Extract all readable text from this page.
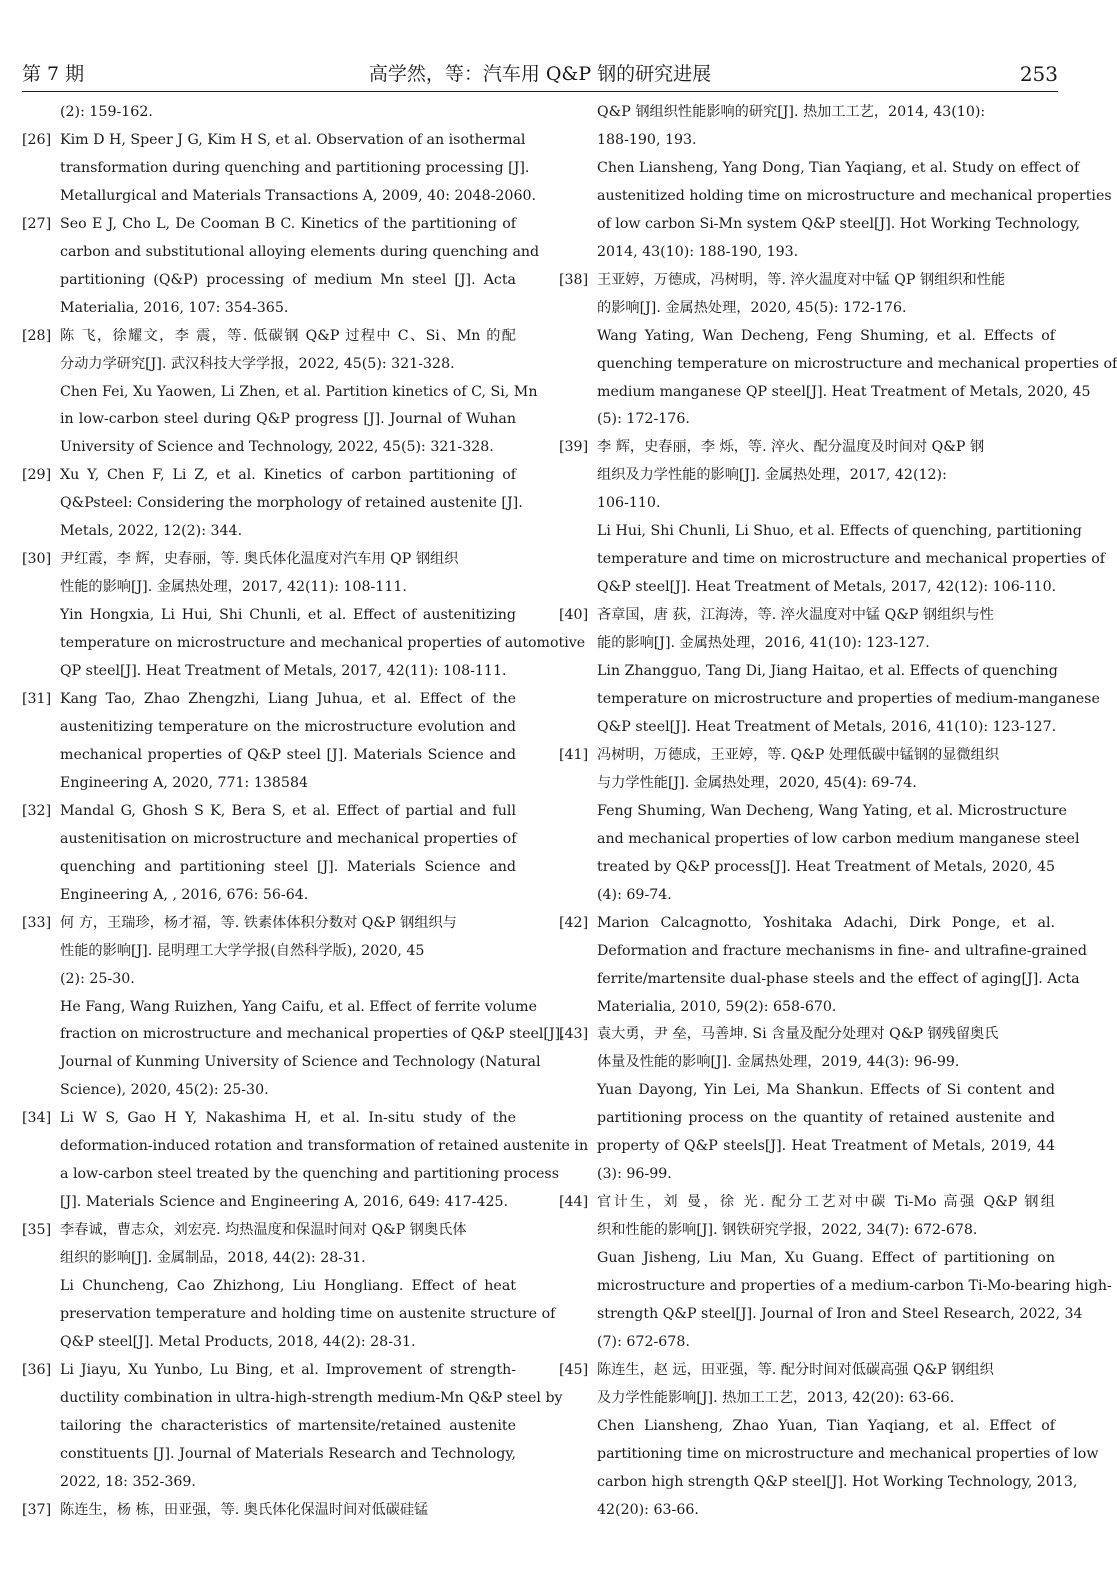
第 7 期	高学然，等：汽车用 Q&P 钢的研究进展	253
(2): 159-162.
[26] Kim D H, Speer J G, Kim H S, et al. Observation of an isothermal
transformation during quenching and partitioning processing [J].
Metallurgical and Materials Transactions A, 2009, 40: 2048-2060.
[27] Seo E J, Cho L, De Cooman B C. Kinetics of the partitioning of
carbon and substitutional alloying elements during quenching and
partitioning (Q&P) processing of medium Mn steel [J]. Acta
Materialia, 2016, 107: 354-365.
[28] 陈 飞，徐耀文，李 震，等. 低碳钢 Q&P 过程中 C、Si、Mn 的配
分动力学研究[J]. 武汉科技大学学报，2022, 45(5): 321-328.
Chen Fei, Xu Yaowen, Li Zhen, et al. Partition kinetics of C, Si, Mn
in low-carbon steel during Q&P progress [J]. Journal of Wuhan
University of Science and Technology, 2022, 45(5): 321-328.
[29] Xu Y, Chen F, Li Z, et al. Kinetics of carbon partitioning of
Q&Psteel: Considering the morphology of retained austenite [J].
Metals, 2022, 12(2): 344.
[30] 尹红霞，李 辉，史春丽，等. 奥氏体化温度对汽车用 QP 钢组织
性能的影响[J]. 金属热处理，2017, 42(11): 108-111.
Yin Hongxia, Li Hui, Shi Chunli, et al. Effect of austenitizing
temperature on microstructure and mechanical properties of automotive
QP steel[J]. Heat Treatment of Metals, 2017, 42(11): 108-111.
[31] Kang Tao, Zhao Zhengzhi, Liang Juhua, et al. Effect of the
austenitizing temperature on the microstructure evolution and
mechanical properties of Q&P steel [J]. Materials Science and
Engineering A, 2020, 771: 138584
[32] Mandal G, Ghosh S K, Bera S, et al. Effect of partial and full
austenitisation on microstructure and mechanical properties of
quenching and partitioning steel [J]. Materials Science and
Engineering A, , 2016, 676: 56-64.
[33] 何 方，王瑞珍，杨才福，等. 铁素体体积分数对 Q&P 钢组织与
性能的影响[J]. 昆明理工大学学报(自然科学版), 2020, 45
(2): 25-30.
He Fang, Wang Ruizhen, Yang Caifu, et al. Effect of ferrite volume
fraction on microstructure and mechanical properties of Q&P steel[J].
Journal of Kunming University of Science and Technology (Natural
Science), 2020, 45(2): 25-30.
[34] Li W S, Gao H Y, Nakashima H, et al. In-situ study of the
deformation-induced rotation and transformation of retained austenite in
a low-carbon steel treated by the quenching and partitioning process
[J]. Materials Science and Engineering A, 2016, 649: 417-425.
[35] 李春诚，曹志众，刘宏亮. 均热温度和保温时间对 Q&P 钢奥氏体
组织的影响[J]. 金属制品，2018, 44(2): 28-31.
Li Chuncheng, Cao Zhizhong, Liu Hongliang. Effect of heat
preservation temperature and holding time on austenite structure of
Q&P steel[J]. Metal Products, 2018, 44(2): 28-31.
[36] Li Jiayu, Xu Yunbo, Lu Bing, et al. Improvement of strength-
ductility combination in ultra-high-strength medium-Mn Q&P steel by
tailoring the characteristics of martensite/retained austenite
constituents [J]. Journal of Materials Research and Technology,
2022, 18: 352-369.
[37] 陈连生，杨 栋，田亚强，等. 奥氏体化保温时间对低碳硅锰
Q&P 钢组织性能影响的研究[J]. 热加工工艺，2014, 43(10):
188-190, 193.
Chen Liansheng, Yang Dong, Tian Yaqiang, et al. Study on effect of
austenitized holding time on microstructure and mechanical properties
of low carbon Si-Mn system Q&P steel[J]. Hot Working Technology,
2014, 43(10): 188-190, 193.
[38] 王亚婷，万德成，冯树明，等. 淬火温度对中锰 QP 钢组织和性能
的影响[J]. 金属热处理，2020, 45(5): 172-176.
Wang Yating, Wan Decheng, Feng Shuming, et al. Effects of
quenching temperature on microstructure and mechanical properties of
medium manganese QP steel[J]. Heat Treatment of Metals, 2020, 45
(5): 172-176.
[39] 李 辉，史春丽，李 烁，等. 淬火、配分温度及时间对 Q&P 钢
组织及力学性能的影响[J]. 金属热处理，2017, 42(12):
106-110.
Li Hui, Shi Chunli, Li Shuo, et al. Effects of quenching, partitioning
temperature and time on microstructure and mechanical properties of
Q&P steel[J]. Heat Treatment of Metals, 2017, 42(12): 106-110.
[40] 吝章国，唐 荻，江海涛，等. 淬火温度对中锰 Q&P 钢组织与性
能的影响[J]. 金属热处理，2016, 41(10): 123-127.
Lin Zhangguo, Tang Di, Jiang Haitao, et al. Effects of quenching
temperature on microstructure and properties of medium-manganese
Q&P steel[J]. Heat Treatment of Metals, 2016, 41(10): 123-127.
[41] 冯树明，万德成，王亚婷，等. Q&P 处理低碳中锰钢的显微组织
与力学性能[J]. 金属热处理，2020, 45(4): 69-74.
Feng Shuming, Wan Decheng, Wang Yating, et al. Microstructure
and mechanical properties of low carbon medium manganese steel
treated by Q&P process[J]. Heat Treatment of Metals, 2020, 45
(4): 69-74.
[42] Marion Calcagnotto, Yoshitaka Adachi, Dirk Ponge, et al.
Deformation and fracture mechanisms in fine- and ultrafine-grained
ferrite/martensite dual-phase steels and the effect of aging[J]. Acta
Materialia, 2010, 59(2): 658-670.
[43] 袁大勇，尹 垒，马善坤. Si 含量及配分处理对 Q&P 钢残留奥氏
体量及性能的影响[J]. 金属热处理，2019, 44(3): 96-99.
Yuan Dayong, Yin Lei, Ma Shankun. Effects of Si content and
partitioning process on the quantity of retained austenite and
property of Q&P steels[J]. Heat Treatment of Metals, 2019, 44
(3): 96-99.
[44] 官计生，刘 曼，徐 光. 配分工艺对中碳 Ti-Mo 高强 Q&P 钢组
织和性能的影响[J]. 钢铁研究学报，2022, 34(7): 672-678.
Guan Jisheng, Liu Man, Xu Guang. Effect of partitioning on
microstructure and properties of a medium-carbon Ti-Mo-bearing high-
strength Q&P steel[J]. Journal of Iron and Steel Research, 2022, 34
(7): 672-678.
[45] 陈连生，赵 远，田亚强，等. 配分时间对低碳高强 Q&P 钢组织
及力学性能影响[J]. 热加工工艺，2013, 42(20): 63-66.
Chen Liansheng, Zhao Yuan, Tian Yaqiang, et al. Effect of
partitioning time on microstructure and mechanical properties of low
carbon high strength Q&P steel[J]. Hot Working Technology, 2013,
42(20): 63-66.
